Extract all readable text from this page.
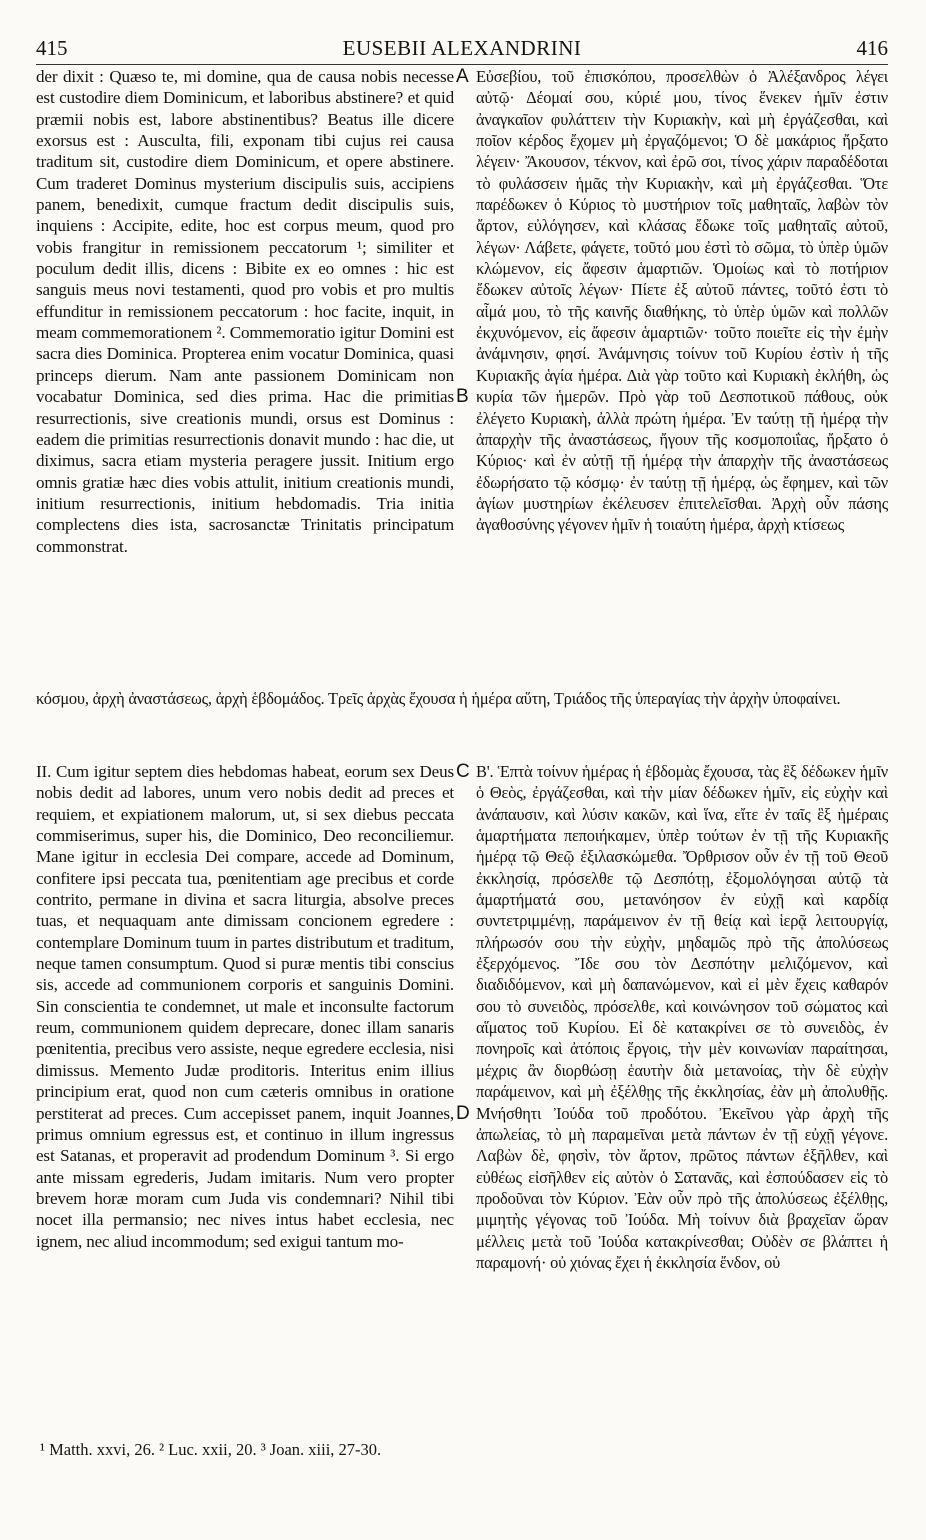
415	EUSEBII ALEXANDRINI	416

der dixit : Quæso te, mi domine, qua de causa nobis necesse est custodire diem Dominicum, et laboribus abstinere? et quid præmii nobis est, labore abstinentibus? Beatus ille dicere exorsus est : Ausculta, fili, exponam tibi cujus rei causa traditum sit, custodire diem Dominicum, et opere abstinere. Cum traderet Dominus mysterium discipulis suis, accipiens panem, benedixit, cumque fractum dedit discipulis suis, inquiens : Accipite, edite, hoc est corpus meum, quod pro vobis frangitur in remissionem peccatorum ¹; similiter et poculum dedit illis, dicens : Bibite ex eo omnes : hic est sanguis meus novi testamenti, quod pro vobis et pro multis effunditur in remissionem peccatorum : hoc facite, inquit, in meam commemorationem ². Commemoratio igitur Domini est sacra dies Dominica. Propterea enim vocatur Dominica, quasi princeps dierum. Nam ante passionem Dominicam non vocabatur Dominica, sed dies prima. Hac die primitias resurrectionis, sive creationis mundi, orsus est Dominus : eadem die primitias resurrectionis donavit mundo : hac die, ut diximus, sacra etiam mysteria peragere jussit. Initium ergo omnis gratiæ hæc dies vobis attulit, initium creationis mundi, initium resurrectionis, initium hebdomadis. Tria initia complectens dies ista, sacrosanctæ Trinitatis principatum commonstrat.

Εὐσεβίου, τοῦ ἐπισκόπου, προσελθὼν ὁ Ἀλέξανδρος λέγει αὐτῷ· Δέομαί σου, κύριέ μου, τίνος ἕνεκεν ἡμῖν ἐστιν ἀναγκαῖον φυλάττειν τὴν Κυριακὴν, καὶ μὴ ἐργάζεσθαι, καὶ ποῖον κέρδος ἔχομεν μὴ ἐργαζόμενοι; Ὁ δὲ μακάριος ἤρξατο λέγειν· Ἄκουσον, τέκνον, καὶ ἐρῶ σοι, τίνος χάριν παραδέδοται τὸ φυλάσσειν ἡμᾶς τὴν Κυριακὴν, καὶ μὴ ἐργάζεσθαι. Ὅτε παρέδωκεν ὁ Κύριος τὸ μυστήριον τοῖς μαθηταῖς, λαβὼν τὸν ἄρτον, εὐλόγησεν, καὶ κλάσας ἔδωκε τοῖς μαθηταῖς αὐτοῦ, λέγων· Λάβετε, φάγετε, τοῦτό μου ἐστὶ τὸ σῶμα, τὸ ὑπὲρ ὑμῶν κλώμενον, εἰς ἄφεσιν ἁμαρτιῶν. Ὁμοίως καὶ τὸ ποτήριον ἔδωκεν αὐτοῖς λέγων· Πίετε ἐξ αὐτοῦ πάντες, τοῦτό ἐστι τὸ αἷμά μου, τὸ τῆς καινῆς διαθήκης, τὸ ὑπὲρ ὑμῶν καὶ πολλῶν ἐκχυνόμενον, εἰς ἄφεσιν ἁμαρτιῶν· τοῦτο ποιεῖτε εἰς τὴν ἐμὴν ἀνάμνησιν, φησί. Ἀνάμνησις τοίνυν τοῦ Κυρίου ἐστὶν ἡ τῆς Κυριακῆς ἁγία ἡμέρα. Διὰ γὰρ τοῦτο καὶ Κυριακὴ ἐκλήθη, ὡς κυρία τῶν ἡμερῶν. Πρὸ γὰρ τοῦ Δεσποτικοῦ πάθους, οὐκ ἐλέγετο Κυριακὴ, ἀλλὰ πρώτη ἡμέρα. Ἐν ταύτῃ τῇ ἡμέρᾳ τὴν ἀπαρχὴν τῆς ἀναστάσεως, ἤγουν τῆς κοσμοποιΐας, ἤρξατο ὁ Κύριος· καὶ ἐν αὐτῇ τῇ ἡμέρᾳ τὴν ἀπαρχὴν τῆς ἀναστάσεως ἐδωρήσατο τῷ κόσμῳ· ἐν ταύτῃ τῇ ἡμέρᾳ, ὡς ἔφημεν, καὶ τῶν ἁγίων μυστηρίων ἐκέλευσεν ἐπιτελεῖσθαι. Ἀρχὴ οὖν πάσης ἀγαθοσύνης γέγονεν ἡμῖν ἡ τοιαύτη ἡμέρα, ἀρχὴ κτίσεως

κόσμου, ἀρχὴ ἀναστάσεως, ἀρχὴ ἑβδομάδος. Τρεῖς ἀρχὰς ἔχουσα ἡ ἡμέρα αὕτη, Τριάδος τῆς ὑπεραγίας τὴν ἀρχὴν ὑποφαίνει.

II. Cum igitur septem dies hebdomas habeat, eorum sex Deus nobis dedit ad labores, unum vero nobis dedit ad preces et requiem, et expiationem malorum, ut, si sex diebus peccata commiserimus, super his, die Dominico, Deo reconciliemur. Mane igitur in ecclesia Dei compare, accede ad Dominum, confitere ipsi peccata tua, pœnitentiam age precibus et corde contrito, permane in divina et sacra liturgia, absolve preces tuas, et nequaquam ante dimissam concionem egredere : contemplare Dominum tuum in partes distributum et traditum, neque tamen consumptum. Quod si puræ mentis tibi conscius sis, accede ad communionem corporis et sanguinis Domini. Sin conscientia te condemnet, ut male et inconsulte factorum reum, communionem quidem deprecare, donec illam sanaris pœnitentia, precibus vero assiste, neque egredere ecclesia, nisi dimissus. Memento Judæ proditoris. Interitus enim illius principium erat, quod non cum cæteris omnibus in oratione perstiterat ad preces. Cum accepisset panem, inquit Joannes, primus omnium egressus est, et continuo in illum ingressus est Satanas, et properavit ad prodendum Dominum ³. Si ergo ante missam egrederis, Judam imitaris. Num vero propter brevem horæ moram cum Juda vis condemnari? Nihil tibi nocet illa permansio; nec nives intus habet ecclesia, nec ignem, nec aliud incommodum; sed exigui tantum mo-

Β'. Ἑπτὰ τοίνυν ἡμέρας ἡ ἑβδομὰς ἔχουσα, τὰς ἓξ δέδωκεν ἡμῖν ὁ Θεὸς, ἐργάζεσθαι, καὶ τὴν μίαν δέδωκεν ἡμῖν, εἰς εὐχὴν καὶ ἀνάπαυσιν, καὶ λύσιν κακῶν, καὶ ἵνα, εἴτε ἐν ταῖς ἓξ ἡμέραις ἁμαρτήματα πεποιήκαμεν, ὑπὲρ τούτων ἐν τῇ τῆς Κυριακῆς ἡμέρᾳ τῷ Θεῷ ἐξιλασκώμεθα. Ὄρθρισον οὖν ἐν τῇ τοῦ Θεοῦ ἐκκλησίᾳ, πρόσελθε τῷ Δεσπότῃ, ἐξομολόγησαι αὐτῷ τὰ ἁμαρτήματά σου, μετανόησον ἐν εὐχῇ καὶ καρδίᾳ συντετριμμένῃ, παράμεινον ἐν τῇ θείᾳ καὶ ἱερᾷ λειτουργίᾳ, πλήρωσόν σου τὴν εὐχὴν, μηδαμῶς πρὸ τῆς ἀπολύσεως ἐξερχόμενος. Ἴδε σου τὸν Δεσπότην μελιζόμενον, καὶ διαδιδόμενον, καὶ μὴ δαπανώμενον, καὶ εἰ μὲν ἔχεις καθαρόν σου τὸ συνειδὸς, πρόσελθε, καὶ κοινώνησον τοῦ σώματος καὶ αἵματος τοῦ Κυρίου. Εἰ δὲ κατακρίνει σε τὸ συνειδὸς, ἐν πονηροῖς καὶ ἀτόποις ἔργοις, τὴν μὲν κοινωνίαν παραίτησαι, μέχρις ἂν διορθώσῃ ἑαυτὴν διὰ μετανοίας, τὴν δὲ εὐχὴν παράμεινον, καὶ μὴ ἐξέλθῃς τῆς ἐκκλησίας, ἐὰν μὴ ἀπολυθῇς. Μνήσθητι Ἰούδα τοῦ προδότου. Ἐκεῖνου γὰρ ἀρχὴ τῆς ἀπωλείας, τὸ μὴ παραμεῖναι μετὰ πάντων ἐν τῇ εὐχῇ γέγονε. Λαβὼν δὲ, φησὶν, τὸν ἄρτον, πρῶτος πάντων ἐξῆλθεν, καὶ εὐθέως εἰσῆλθεν εἰς αὐτὸν ὁ Σατανᾶς, καὶ ἐσπούδασεν εἰς τὸ προδοῦναι τὸν Κύριον. Ἐὰν οὖν πρὸ τῆς ἀπολύσεως ἐξέλθῃς, μιμητὴς γέγονας τοῦ Ἰούδα. Μὴ τοίνυν διὰ βραχεῖαν ὥραν μέλλεις μετὰ τοῦ Ἰούδα κατακρίνεσθαι; Οὐδὲν σε βλάπτει ἡ παραμονή· οὐ χιόνας ἔχει ἡ ἐκκλησία ἔνδον, οὐ

A
B
C
D
¹ Matth. xxvi, 26. ² Luc. xxii, 20. ³ Joan. xiii, 27-30.
